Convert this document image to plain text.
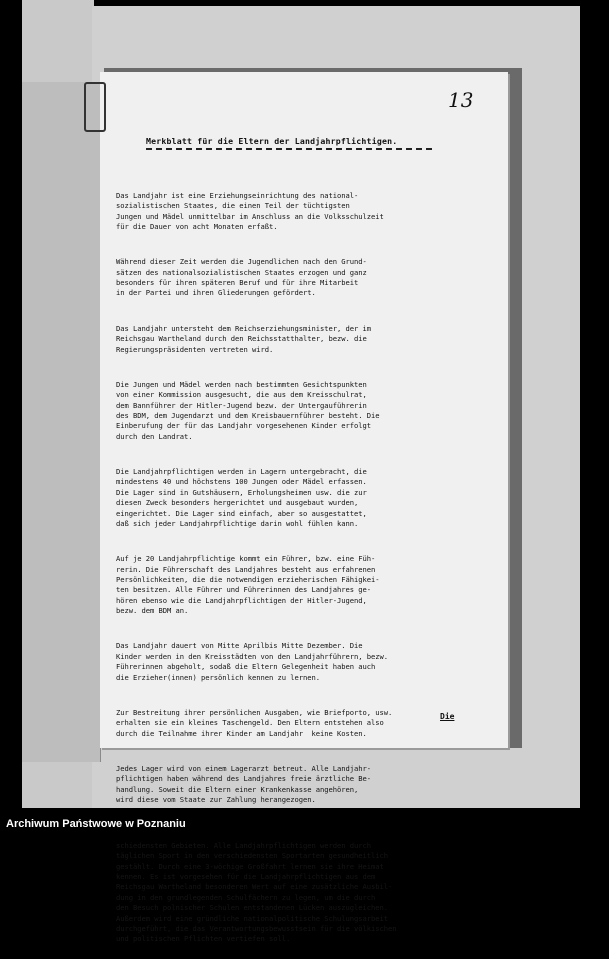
13
Merkblatt für die Eltern der Landjahrpflichtigen.

Das Landjahr ist eine Erziehungseinrichtung des national-
sozialistischen Staates, die einen Teil der tüchtigsten
Jungen und Mädel unmittelbar im Anschluss an die Volksschulzeit
für die Dauer von acht Monaten erfaßt.

Während dieser Zeit werden die Jugendlichen nach den Grund-
sätzen des nationalsozialistischen Staates erzogen und ganz
besonders für ihren späteren Beruf und für ihre Mitarbeit
in der Partei und ihren Gliederungen gefördert.

Das Landjahr untersteht dem Reichserziehungsminister, der im
Reichsgau Wartheland durch den Reichsstatthalter, bezw. die
Regierungspräsidenten vertreten wird.

Die Jungen und Mädel werden nach bestimmten Gesichtspunkten
von einer Kommission ausgesucht, die aus dem Kreisschulrat,
dem Bannführer der Hitler-Jugend bezw. der Untergauführerin
des BDM, dem Jugendarzt und dem Kreisbauernführer besteht. Die
Einberufung der für das Landjahr vorgesehenen Kinder erfolgt
durch den Landrat.

Die Landjahrpflichtigen werden in Lagern untergebracht, die
mindestens 40 und höchstens 100 Jungen oder Mädel erfassen.
Die Lager sind in Gutshäusern, Erholungsheimen usw. die zur
diesen Zweck besonders hergerichtet und ausgebaut wurden,
eingerichtet. Die Lager sind einfach, aber so ausgestattet,
daß sich jeder Landjahrpflichtige darin wohl fühlen kann.

Auf je 20 Landjahrpflichtige kommt ein Führer, bzw. eine Füh-
rerin. Die Führerschaft des Landjahres besteht aus erfahrenen
Persönlichkeiten, die die notwendigen erzieherischen Fähigkei-
ten besitzen. Alle Führer und Führerinnen des Landjahres ge-
hören ebenso wie die Landjahrpflichtigen der Hitler-Jugend,
bezw. dem BDM an.

Das Landjahr dauert von Mitte Aprilbis Mitte Dezember. Die
Kinder werden in den Kreisstädten von den Landjahrführern, bezw.
Führerinnen abgeholt, sodaß die Eltern Gelegenheit haben auch
die Erzieher(innen) persönlich kennen zu lernen.

Zur Bestreitung ihrer persönlichen Ausgaben, wie Briefporto, usw.
erhalten sie ein kleines Taschengeld. Den Eltern entstehen also
durch die Teilnahme ihrer Kinder am Landjahr  keine Kosten.

Jedes Lager wird von einem Lagerarzt betreut. Alle Landjahr-
pflichtigen haben während des Landjahres freie ärztliche Be-
handlung. Soweit die Eltern einer Krankenkasse angehören,
wird diese vom Staate zur Zahlung herangezogen.

schiedensten Gebieten. Alle Landjahrpflichtigen werden durch
täglichen Sport in den verschiedensten Sportarten gesundheitlich
gestählt. Durch eine 3-wöchige Großfahrt lernen sie ihre Heimat
kennen. Es ist vorgesehen für die Landjahrpflichtigen aus dem
Reichsgau Wartheland besonderen Wert auf eine zusätzliche Ausbil-
dung in den grundlegenden Schulfächern zu legen, um die durch
den Besuch polnischer Schulen entstandenen Lücken auszugleichen.
Außerdem wird eine gründliche nationalpolitische Schulungsarbeit
durchgeführt, die das Verantwortungsbewusstsein für die völkischen
und politischen Pflichten vertiefen soll.

Die
Archiwum Państwowe w Poznaniu
